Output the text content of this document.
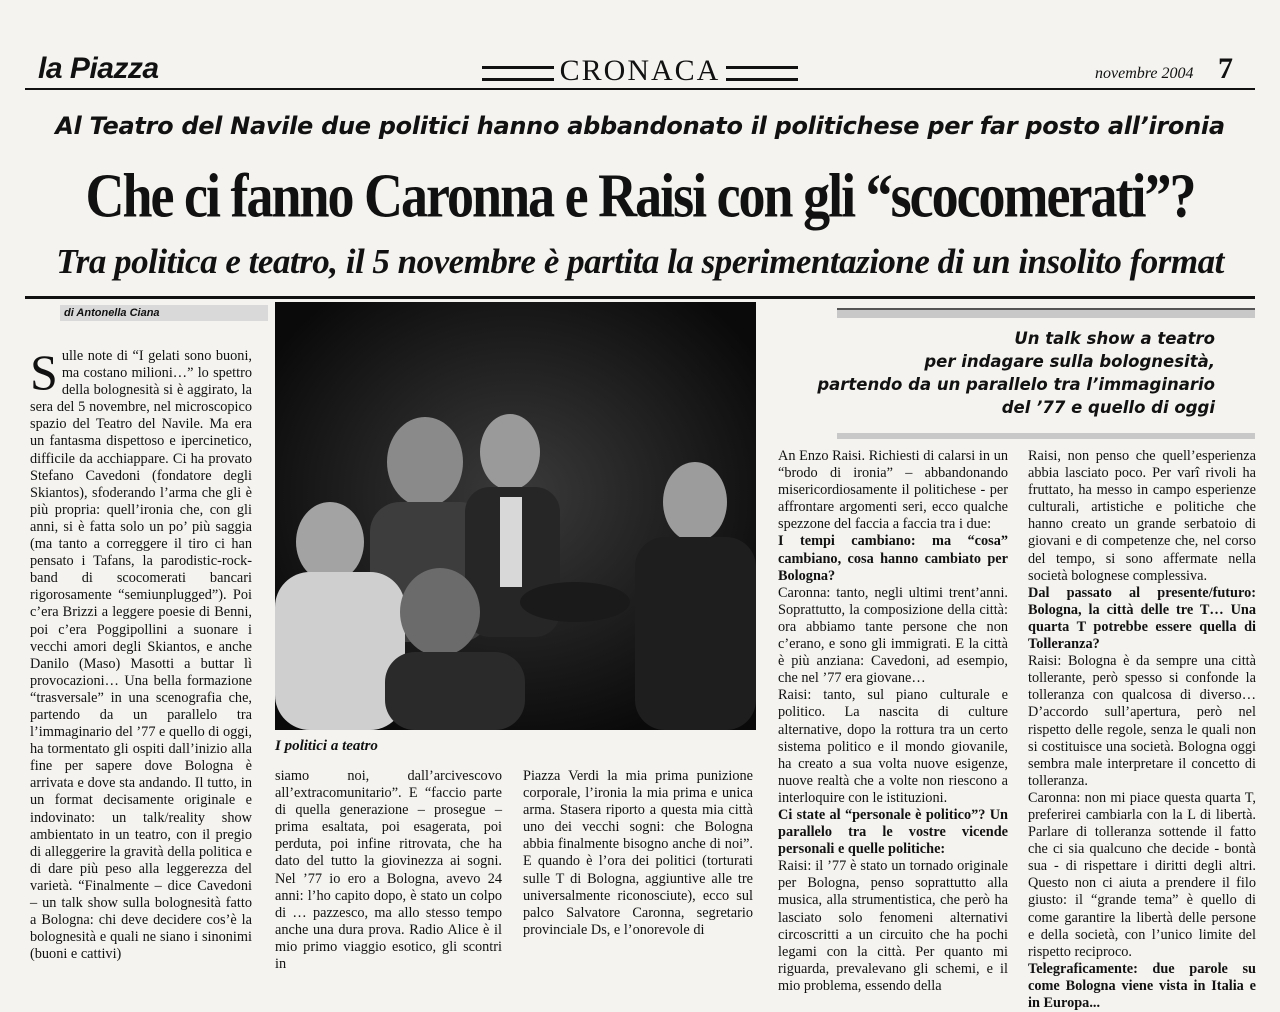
la Piazza	CRONACA	novembre 2004 7
Al Teatro del Navile due politici hanno abbandonato il politichese per far posto all’ironia
Che ci fanno Caronna e Raisi con gli “scocomerati”?
Tra politica e teatro, il 5 novembre è partita la sperimentazione di un insolito format
di Antonella Ciana
Sulle note di “I gelati sono buoni, ma costano milioni…” lo spettro della bolognesità si è aggirato, la sera del 5 novembre, nel microscopico spazio del Teatro del Navile. Ma era un fantasma dispettoso e ipercinetico, difficile da acchiappare. Ci ha provato Stefano Cavedoni (fondatore degli Skiantos), sfoderando l’arma che gli è più propria: quell’ironia che, con gli anni, si è fatta solo un po’ più saggia (ma tanto a correggere il tiro ci han pensato i Tafans, la parodistic-rock-band di scocomerati bancari rigorosamente “semiunplugged”). Poi c’era Brizzi a leggere poesie di Benni, poi c’era Poggipollini a suonare i vecchi amori degli Skiantos, e anche Danilo (Maso) Masotti a buttar lì provocazioni… Una bella formazione “trasversale” in una scenografia che, partendo da un parallelo tra l’immaginario del ’77 e quello di oggi, ha tormentato gli ospiti dall’inizio alla fine per sapere dove Bologna è arrivata e dove sta andando. Il tutto, in un format decisamente originale e indovinato: un talk/reality show ambientato in un teatro, con il pregio di alleggerire la gravità della politica e di dare più peso alla leggerezza del varietà. “Finalmente – dice Cavedoni – un talk show sulla bolognesità fatto a Bologna: chi deve decidere cos’è la bolognesità e quali ne siano i sinonimi (buoni e cattivi)
I politici a teatro
Un talk show a teatro
per indagare sulla bolognesità,
partendo da un parallelo tra l’immaginario
del ’77 e quello di oggi

siamo noi, dall’arcivescovo all’extracomunitario”. E “faccio parte di quella generazione – prosegue – prima esaltata, poi esagerata, poi perduta, poi infine ritrovata, che ha dato del tutto la giovinezza ai sogni. Nel ’77 io ero a Bologna, avevo 24 anni: l’ho capito dopo, è stato un colpo di … pazzesco, ma allo stesso tempo anche una dura prova. Radio Alice è il mio primo viaggio esotico, gli scontri in

Piazza Verdi la mia prima punizione corporale, l’ironia la mia prima e unica arma. Stasera riporto a questa mia città uno dei vecchi sogni: che Bologna abbia finalmente bisogno anche di noi”. E quando è l’ora dei politici (torturati sulle T di Bologna, aggiuntive alle tre universalmente riconosciute), ecco sul palco Salvatore Caronna, segretario provinciale Ds, e l’onorevole di

An Enzo Raisi. Richiesti di calarsi in un “brodo di ironia” – abbandonando misericordiosamente il politichese - per affrontare argomenti seri, ecco qualche spezzone del faccia a faccia tra i due:

I tempi cambiano: ma “cosa” cambiano, cosa hanno cambiato per Bologna?

Caronna: tanto, negli ultimi trent’anni. Soprattutto, la composizione della città: ora abbiamo tante persone che non c’erano, e sono gli immigrati. E la città è più anziana: Cavedoni, ad esempio, che nel ’77 era giovane…

Raisi: tanto, sul piano culturale e politico. La nascita di culture alternative, dopo la rottura tra un certo sistema politico e il mondo giovanile, ha creato a sua volta nuove esigenze, nuove realtà che a volte non riescono a interloquire con le istituzioni.

Ci state al “personale è politico”? Un parallelo tra le vostre vicende personali e quelle politiche:

Raisi: il ’77 è stato un tornado originale per Bologna, penso soprattutto alla musica, alla strumentistica, che però ha lasciato solo fenomeni alternativi circoscritti a un circuito che ha pochi legami con la città. Per quanto mi riguarda, prevalevano gli schemi, e il mio problema, essendo della

Raisi, non penso che quell’esperienza abbia lasciato poco. Per varî rivoli ha fruttato, ha messo in campo esperienze culturali, artistiche e politiche che hanno creato un grande serbatoio di giovani e di competenze che, nel corso del tempo, si sono affermate nella società bolognese complessiva.

Dal passato al presente/futuro: Bologna, la città delle tre T… Una quarta T potrebbe essere quella di Tolleranza?

Raisi: Bologna è da sempre una città tollerante, però spesso si confonde la tolleranza con qualcosa di diverso… D’accordo sull’apertura, però nel rispetto delle regole, senza le quali non si costituisce una società. Bologna oggi sembra male interpretare il concetto di tolleranza.

Caronna: non mi piace questa quarta T, preferirei cambiarla con la L di libertà. Parlare di tolleranza sottende il fatto che ci sia qualcuno che decide - bontà sua - di rispettare i diritti degli altri. Questo non ci aiuta a prendere il filo giusto: il “grande tema” è quello di come garantire la libertà delle persone e della società, con l’unico limite del rispetto reciproco.

Telegraficamente: due parole su come Bologna viene vista in Italia e in Europa...
